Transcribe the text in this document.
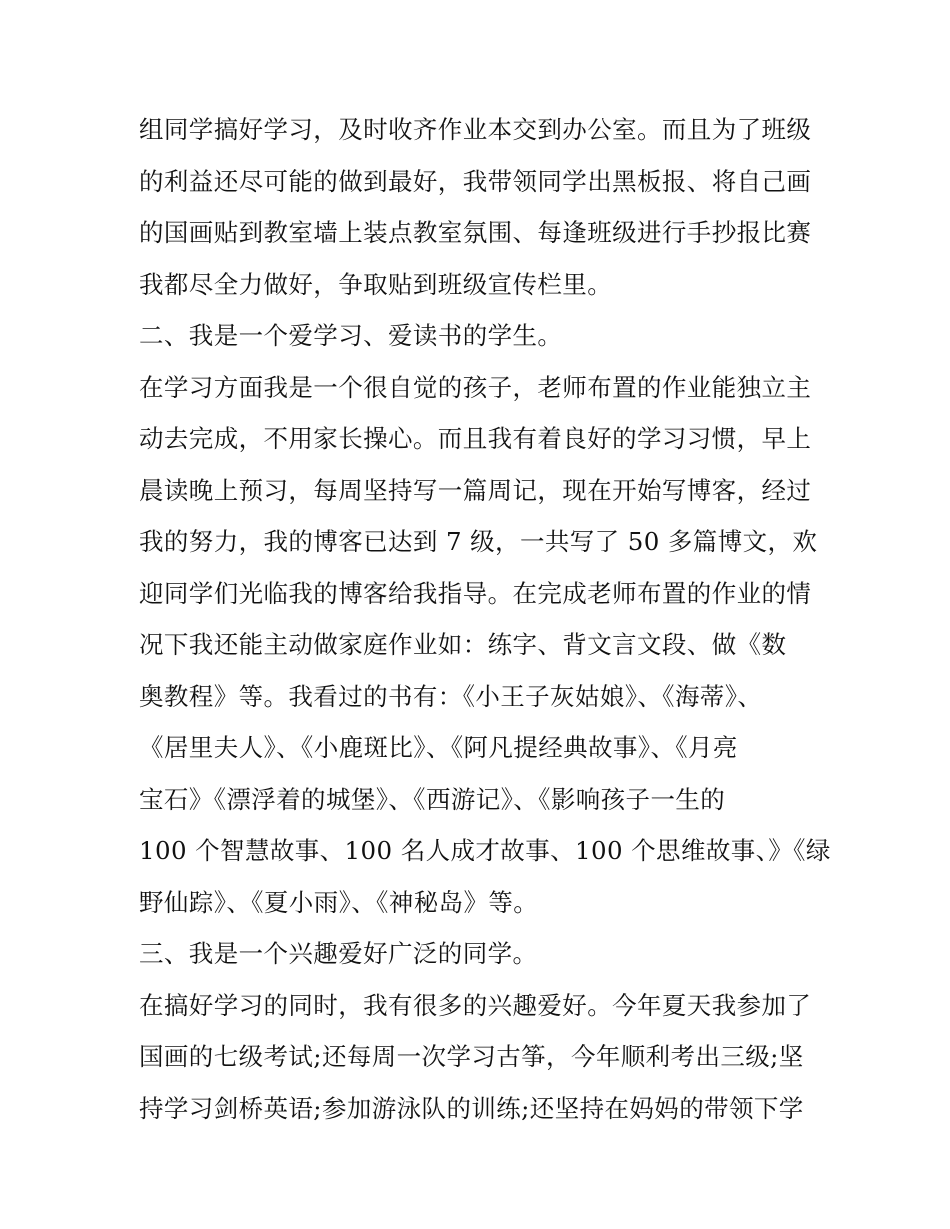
组同学搞好学习，及时收齐作业本交到办公室。而且为了班级
的利益还尽可能的做到最好，我带领同学出黑板报、将自己画
的国画贴到教室墙上装点教室氛围、每逢班级进行手抄报比赛
我都尽全力做好，争取贴到班级宣传栏里。
二、我是一个爱学习、爱读书的学生。
在学习方面我是一个很自觉的孩子，老师布置的作业能独立主
动去完成，不用家长操心。而且我有着良好的学习习惯，早上
晨读晚上预习，每周坚持写一篇周记，现在开始写博客，经过
我的努力，我的博客已达到 7 级，一共写了 50 多篇博文，欢
迎同学们光临我的博客给我指导。在完成老师布置的作业的情
况下我还能主动做家庭作业如：练字、背文言文段、做《数
奥教程》等。我看过的书有：《小王子灰姑娘》、《海蒂》、
《居里夫人》、《小鹿斑比》、《阿凡提经典故事》、《月亮
宝石》《漂浮着的城堡》、《西游记》、《影响孩子一生的
100 个智慧故事、100 名人成才故事、100 个思维故事、》《绿
野仙踪》、《夏小雨》、《神秘岛》等。
三、我是一个兴趣爱好广泛的同学。
在搞好学习的同时，我有很多的兴趣爱好。今年夏天我参加了
国画的七级考试;还每周一次学习古筝，今年顺利考出三级;坚
持学习剑桥英语;参加游泳队的训练;还坚持在妈妈的带领下学
